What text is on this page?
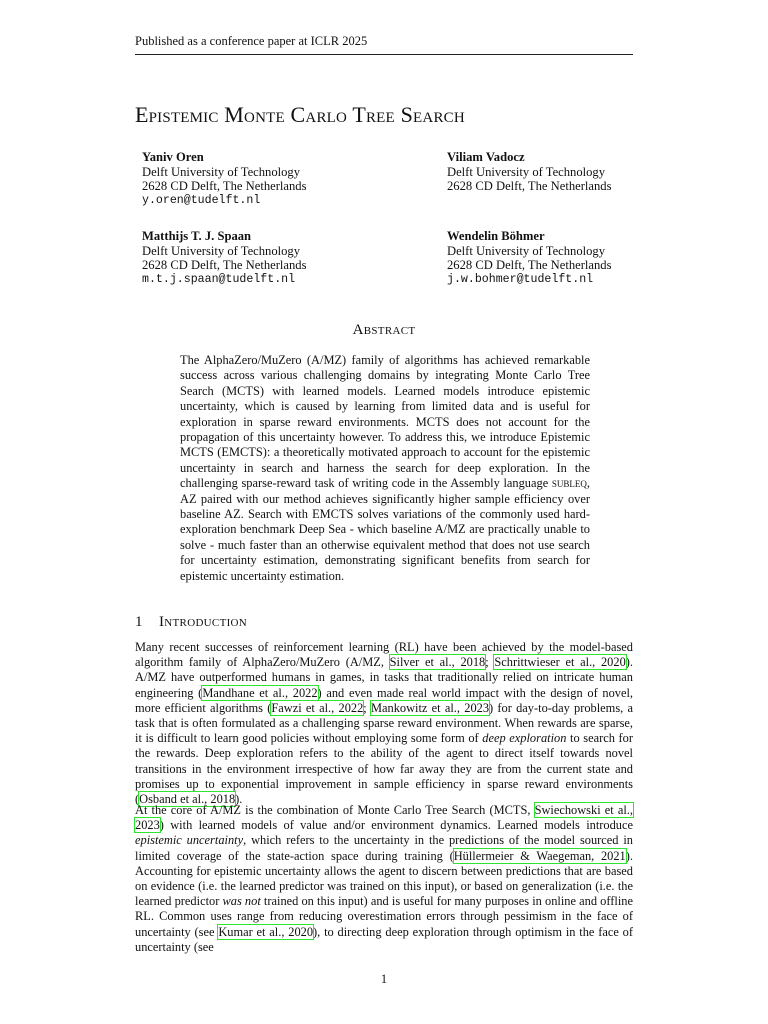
Published as a conference paper at ICLR 2025
Epistemic Monte Carlo Tree Search
Yaniv Oren
Delft University of Technology
2628 CD Delft, The Netherlands
y.oren@tudelft.nl
Viliam Vadocz
Delft University of Technology
2628 CD Delft, The Netherlands
Matthijs T. J. Spaan
Delft University of Technology
2628 CD Delft, The Netherlands
m.t.j.spaan@tudelft.nl
Wendelin Böhmer
Delft University of Technology
2628 CD Delft, The Netherlands
j.w.bohmer@tudelft.nl
Abstract
The AlphaZero/MuZero (A/MZ) family of algorithms has achieved remarkable success across various challenging domains by integrating Monte Carlo Tree Search (MCTS) with learned models. Learned models introduce epistemic uncertainty, which is caused by learning from limited data and is useful for exploration in sparse reward environments. MCTS does not account for the propagation of this uncertainty however. To address this, we introduce Epistemic MCTS (EMCTS): a theoretically motivated approach to account for the epistemic uncertainty in search and harness the search for deep exploration. In the challenging sparse-reward task of writing code in the Assembly language subleq, AZ paired with our method achieves significantly higher sample efficiency over baseline AZ. Search with EMCTS solves variations of the commonly used hard-exploration benchmark Deep Sea - which baseline A/MZ are practically unable to solve - much faster than an otherwise equivalent method that does not use search for uncertainty estimation, demonstrating significant benefits from search for epistemic uncertainty estimation.
1 Introduction
Many recent successes of reinforcement learning (RL) have been achieved by the model-based algorithm family of AlphaZero/MuZero (A/MZ, Silver et al., 2018; Schrittwieser et al., 2020). A/MZ have outperformed humans in games, in tasks that traditionally relied on intricate human engineering (Mandhane et al., 2022) and even made real world impact with the design of novel, more efficient algorithms (Fawzi et al., 2022; Mankowitz et al., 2023) for day-to-day problems, a task that is often formulated as a challenging sparse reward environment. When rewards are sparse, it is difficult to learn good policies without employing some form of deep exploration to search for the rewards. Deep exploration refers to the ability of the agent to direct itself towards novel transitions in the environment irrespective of how far away they are from the current state and promises up to exponential improvement in sample efficiency in sparse reward environments (Osband et al., 2018).
At the core of A/MZ is the combination of Monte Carlo Tree Search (MCTS, Swiechowski et al., 2023) with learned models of value and/or environment dynamics. Learned models introduce epistemic uncertainty, which refers to the uncertainty in the predictions of the model sourced in limited coverage of the state-action space during training (Hüllermeier & Waegeman, 2021). Accounting for epistemic uncertainty allows the agent to discern between predictions that are based on evidence (i.e. the learned predictor was trained on this input), or based on generalization (i.e. the learned predictor was not trained on this input) and is useful for many purposes in online and offline RL. Common uses range from reducing overestimation errors through pessimism in the face of uncertainty (see Kumar et al., 2020), to directing deep exploration through optimism in the face of uncertainty (see
1
